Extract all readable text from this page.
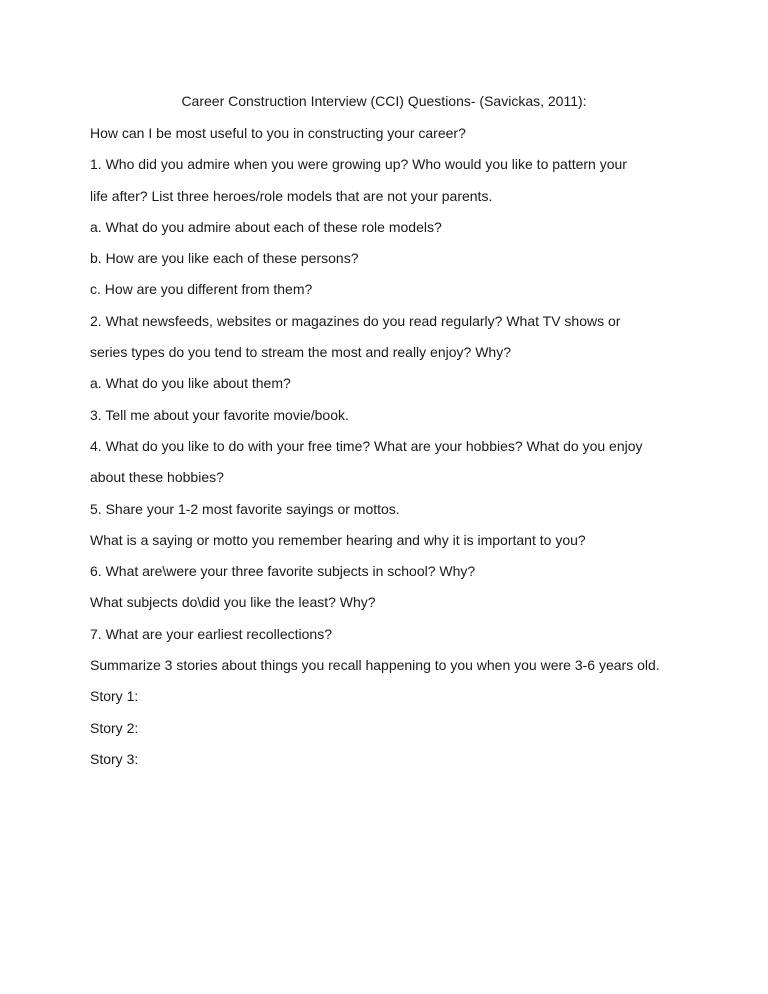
Career Construction Interview (CCI) Questions- (Savickas, 2011):
How can I be most useful to you in constructing your career?
1. Who did you admire when you were growing up? Who would you like to pattern your
life after? List three heroes/role models that are not your parents.
a. What do you admire about each of these role models?
b. How are you like each of these persons?
c. How are you different from them?
2. What newsfeeds, websites or magazines do you read regularly? What TV shows or
series types do you tend to stream the most and really enjoy? Why?
a. What do you like about them?
3. Tell me about your favorite movie/book.
4. What do you like to do with your free time? What are your hobbies? What do you enjoy
about these hobbies?
5. Share your 1-2 most favorite sayings or mottos.
What is a saying or motto you remember hearing and why it is important to you?
6. What are\were your three favorite subjects in school? Why?
What subjects do\did you like the least? Why?
7. What are your earliest recollections?
Summarize 3 stories about things you recall happening to you when you were 3-6 years old.
Story 1:
Story 2:
Story 3:
